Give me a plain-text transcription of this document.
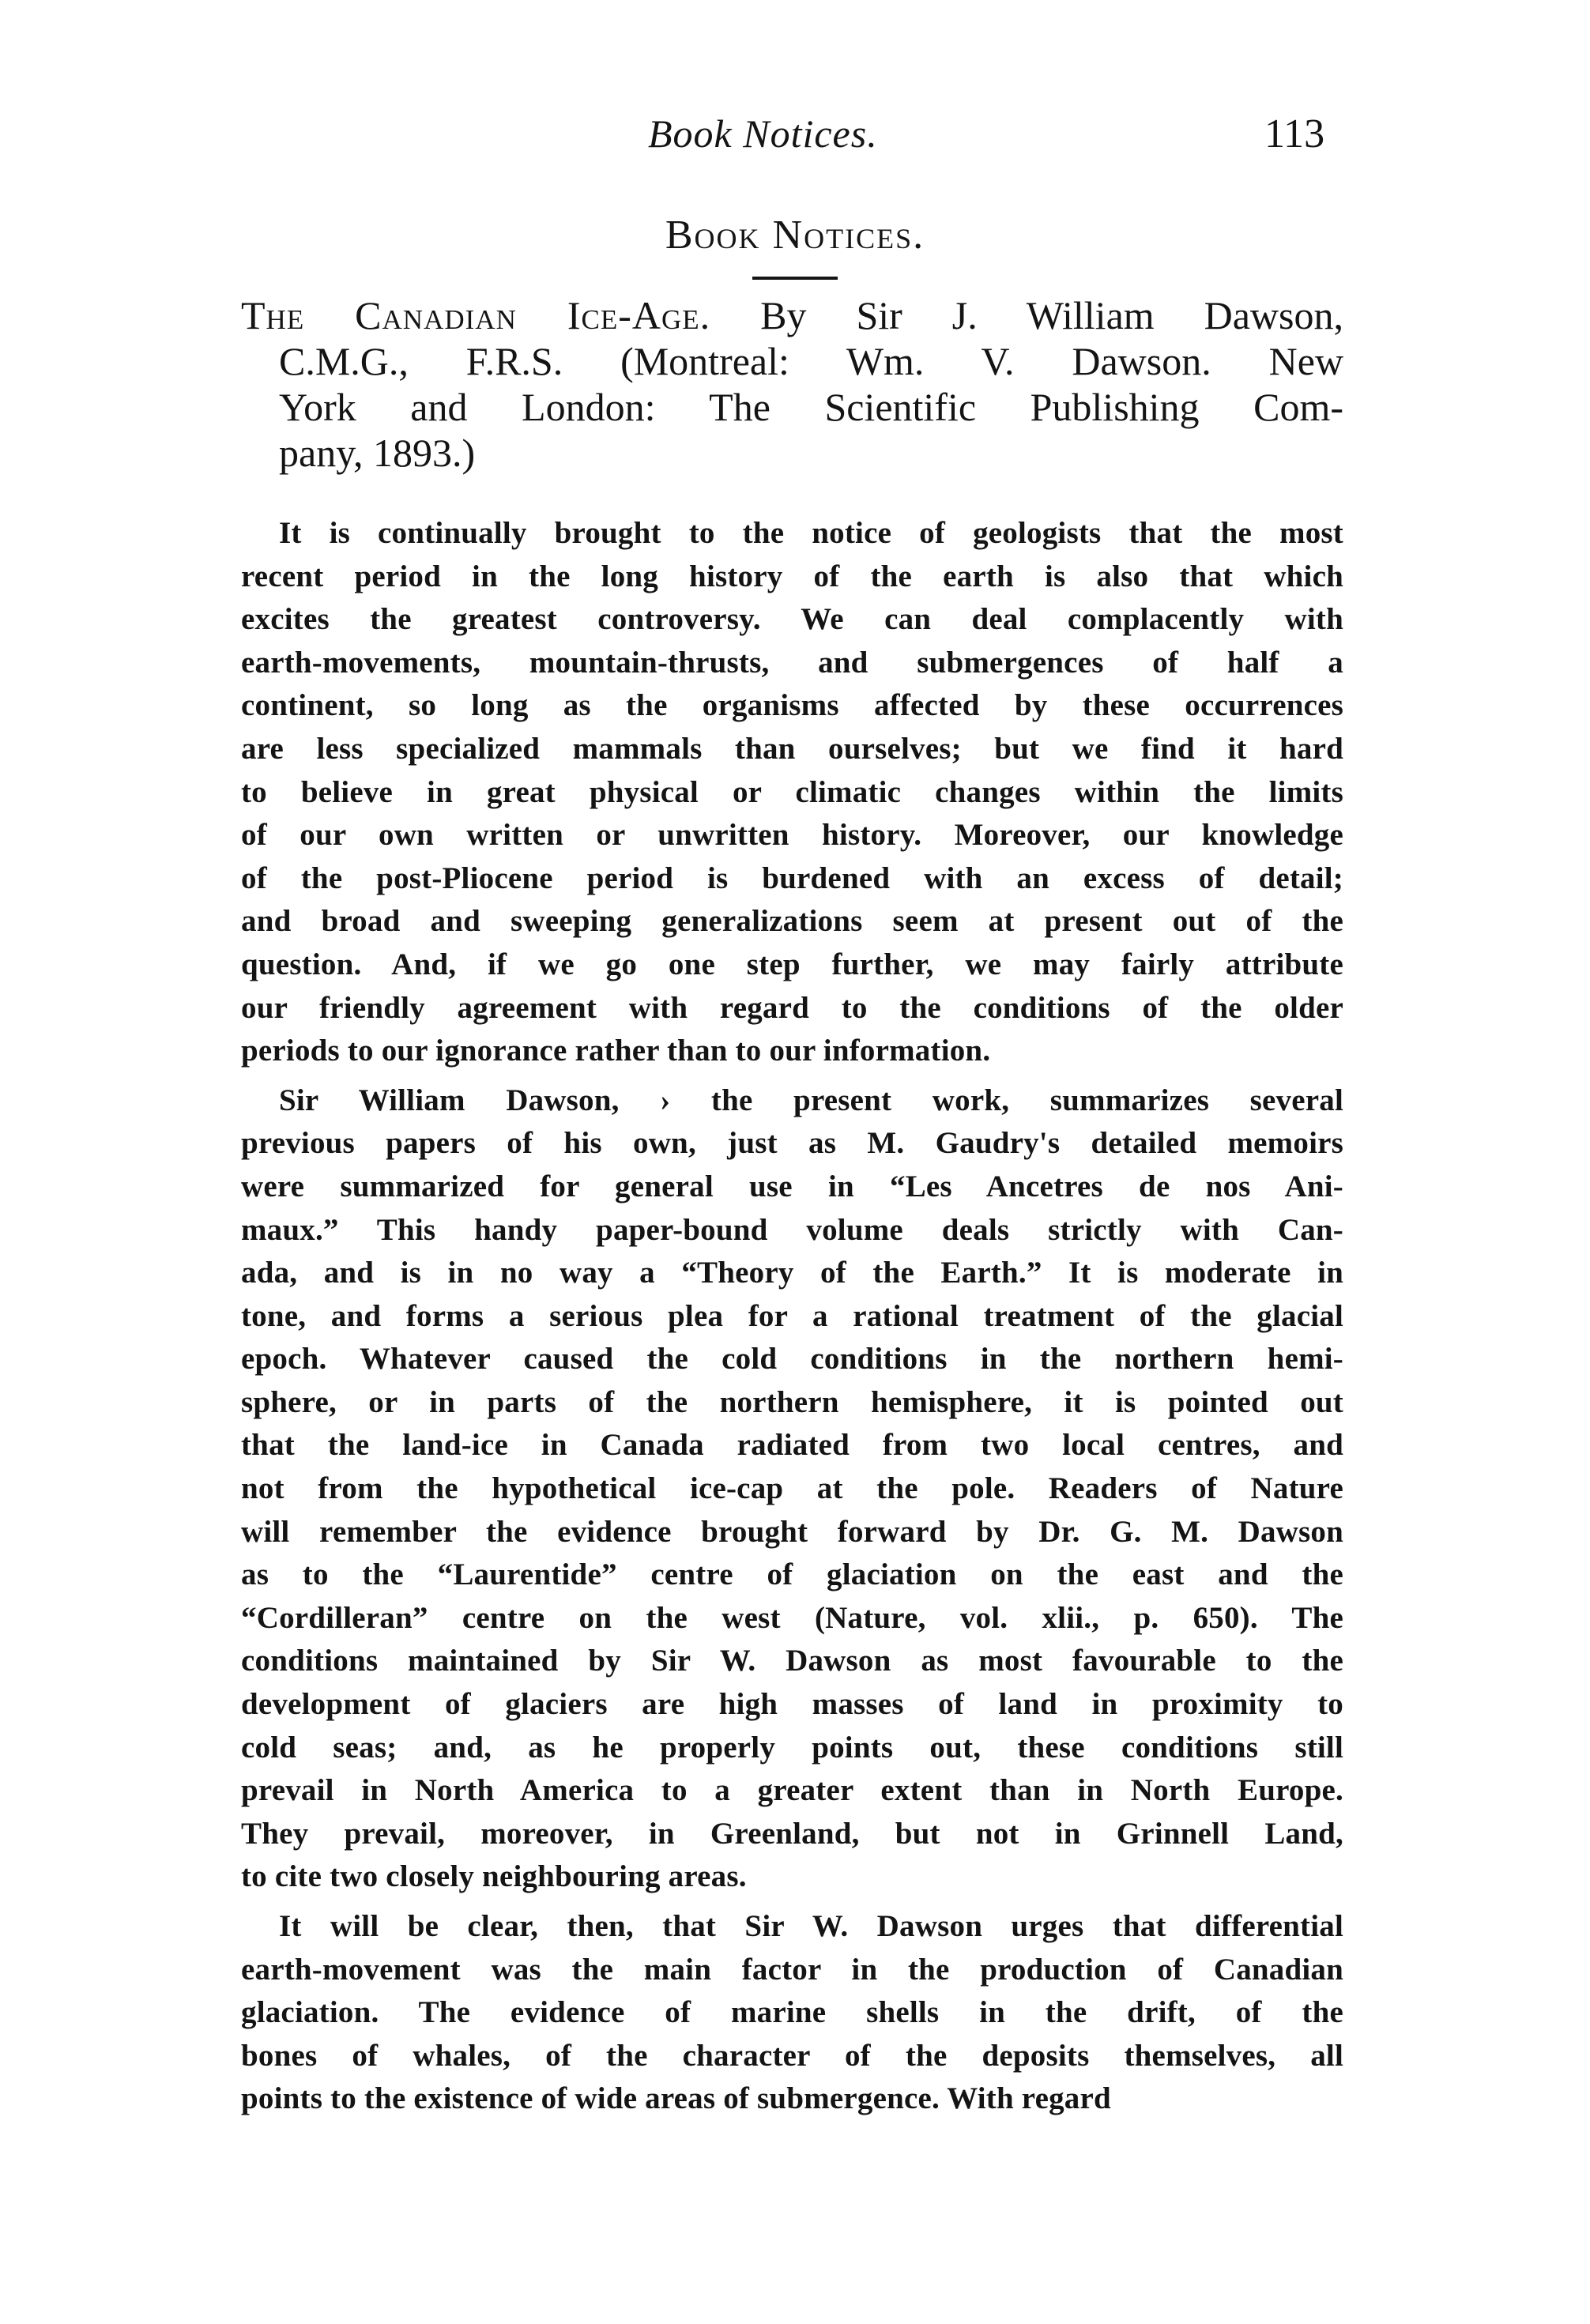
Book Notices.	113
Book Notices.
The Canadian Ice-Age. By Sir J. William Dawson,
C.M.G., F.R.S. (Montreal: Wm. V. Dawson. New
York and London: The Scientific Publishing Com-
pany, 1893.)
It is continually brought to the notice of geologists that the most
recent period in the long history of the earth is also that which
excites the greatest controversy. We can deal complacently with
earth-movements, mountain-thrusts, and submergences of half a
continent, so long as the organisms affected by these occurrences
are less specialized mammals than ourselves; but we find it hard
to believe in great physical or climatic changes within the limits
of our own written or unwritten history. Moreover, our knowledge
of the post-Pliocene period is burdened with an excess of detail;
and broad and sweeping generalizations seem at present out of the
question. And, if we go one step further, we may fairly attribute
our friendly agreement with regard to the conditions of the older
periods to our ignorance rather than to our information.
Sir William Dawson, › the present work, summarizes several
previous papers of his own, just as M. Gaudry's detailed memoirs
were summarized for general use in “Les Ancetres de nos Ani-
maux.” This handy paper-bound volume deals strictly with Can-
ada, and is in no way a “Theory of the Earth.” It is moderate in
tone, and forms a serious plea for a rational treatment of the glacial
epoch. Whatever caused the cold conditions in the northern hemi-
sphere, or in parts of the northern hemisphere, it is pointed out
that the land-ice in Canada radiated from two local centres, and
not from the hypothetical ice-cap at the pole. Readers of Nature
will remember the evidence brought forward by Dr. G. M. Dawson
as to the “Laurentide” centre of glaciation on the east and the
“Cordilleran” centre on the west (Nature, vol. xlii., p. 650). The
conditions maintained by Sir W. Dawson as most favourable to the
development of glaciers are high masses of land in proximity to
cold seas; and, as he properly points out, these conditions still
prevail in North America to a greater extent than in North Europe.
They prevail, moreover, in Greenland, but not in Grinnell Land,
to cite two closely neighbouring areas.
It will be clear, then, that Sir W. Dawson urges that differential
earth-movement was the main factor in the production of Canadian
glaciation. The evidence of marine shells in the drift, of the
bones of whales, of the character of the deposits themselves, all
points to the existence of wide areas of submergence. With regard
